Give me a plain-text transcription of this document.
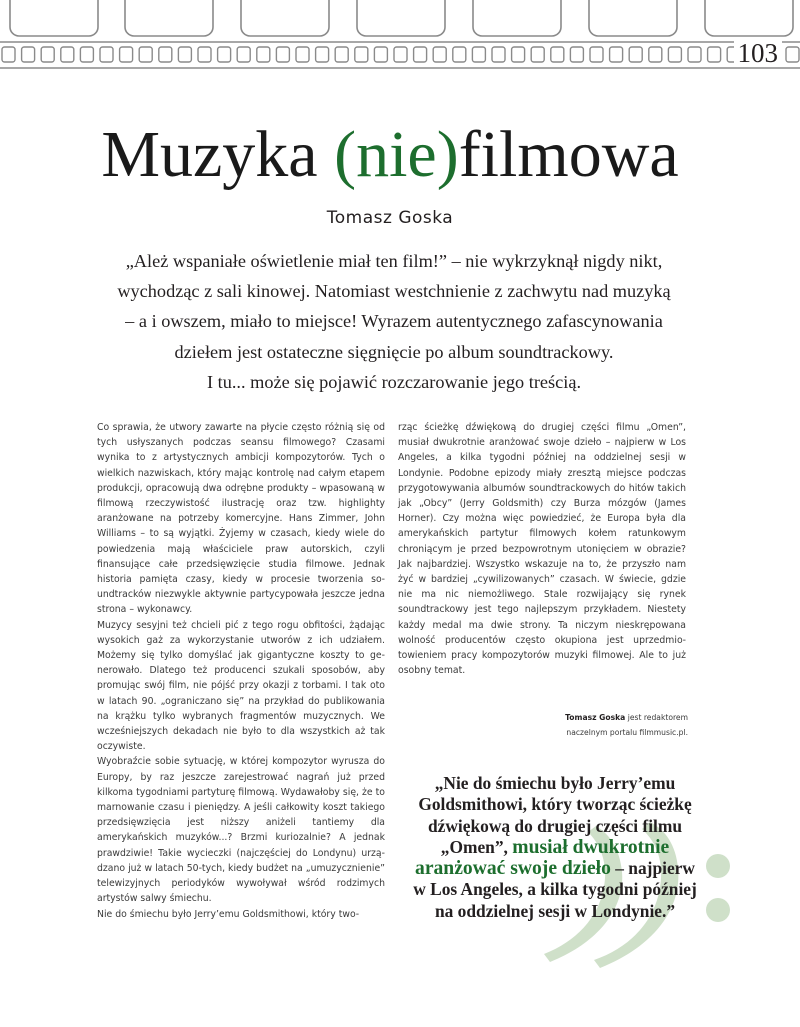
103
Muzyka (nie)filmowa
Tomasz Goska
„Ależ wspaniałe oświetlenie miał ten film!” – nie wykrzyknął nigdy nikt,
wychodząc z sali kinowej. Natomiast westchnienie z zachwytu nad muzyką
– a i owszem, miało to miejsce! Wyrazem autentycznego zafascynowania
dziełem jest ostateczne sięgnięcie po album soundtrackowy.
I tu... może się pojawić rozczarowanie jego treścią.

Co sprawia, że utwory zawarte na płycie często różnią się od tych usłyszanych podczas seansu filmowego? Czasami wynika to z artystycznych ambicji kompozytorów. Tych o wielkich nazwiskach, który mając kontrolę nad całym etapem produkcji, opracowują dwa odrębne produkty – wpasowaną w filmową rzeczywistość ilustrację oraz tzw. highlighty aranżowane na potrzeby komercyjne. Hans Zimmer, John Williams – to są wyjątki. Żyjemy w czasach, kiedy wiele do powiedzenia mają właściciele praw autorskich, czyli finansujące całe przedsięwzięcie studia filmowe. Jednak historia pamięta czasy, kiedy w procesie tworzenia soundtracków niezwykle aktywnie partycypowała jeszcze jedna strona – wykonawcy.

Muzycy sesyjni też chcieli pić z tego rogu obfitości, żądając wysokich gaż za wykorzystanie utworów z ich udziałem. Możemy się tylko domyślać jak gigantyczne koszty to generowało. Dlatego też producenci szukali sposobów, aby promując swój film, nie pójść przy okazji z torbami. I tak oto w latach 90. „ograniczano się” na przykład do publikowania na krążku tylko wybranych fragmentów muzycznych. We wcześniejszych dekadach nie było to dla wszystkich aż tak oczywiste.

Wyobraźcie sobie sytuację, w której kompozytor wyrusza do Europy, by raz jeszcze zarejestrować nagrań już przed kilkoma tygodniami partyturę filmową. Wydawałoby się, że to marnowanie czasu i pieniędzy. A jeśli całkowity koszt takiego przedsięwzięcia jest niższy aniżeli tantiemy dla amerykańskich muzyków...? Brzmi kuriozalnie? A jednak prawdziwie! Takie wycieczki (najczęściej do Londynu) urządzano już w latach 50-tych, kiedy budżet na „umuzycznienie” telewizyjnych periodyków wywoływał wśród rodzimych artystów salwy śmiechu.

Nie do śmiechu było Jerry’emu Goldsmithowi, który two-

rząc ścieżkę dźwiękową do drugiej części filmu „Omen”, musiał dwukrotnie aranżować swoje dzieło – najpierw w Los Angeles, a kilka tygodni później na oddzielnej sesji w Londynie. Podobne epizody miały zresztą miejsce podczas przygotowywania albumów soundtrackowych do hitów takich jak „Obcy” (Jerry Goldsmith) czy Burza mózgów (James Horner). Czy można więc powiedzieć, że Europa była dla amerykańskich partytur filmowych kołem ratunkowym chroniącym je przed bezpowrotnym utonięciem w obrazie? Jak najbardziej. Wszystko wskazuje na to, że przyszło nam żyć w bardziej „cywilizowanych” czasach. W świecie, gdzie nie ma nic niemożliwego. Stale rozwijający się rynek soundtrackowy jest tego najlepszym przykładem. Niestety każdy medal ma dwie strony. Ta niczym nieskrępowana wolność producentów często okupiona jest uprzedmiotowieniem pracy kompozytorów muzyki filmowej. Ale to już osobny temat.

Tomasz Goska jest redaktorem
naczelnym portalu filmmusic.pl.

„Nie do śmiechu było Jerry’emu Goldsmithowi, który tworząc ścieżkę dźwiękową do drugiej części filmu „Omen”, musiał dwukrotnie aranżować swoje dzieło – najpierw w Los Angeles, a kilka tygodni później na oddzielnej sesji w Londynie.”
